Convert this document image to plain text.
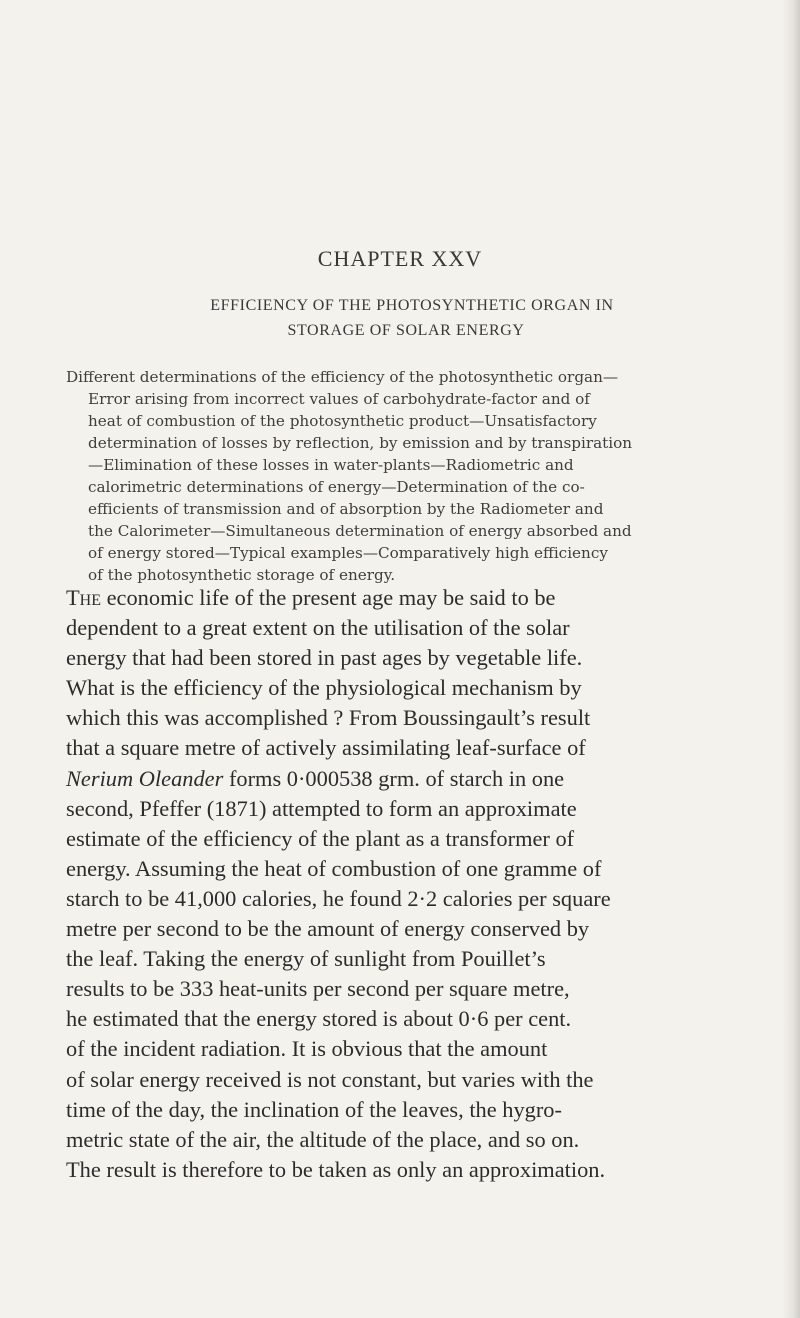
CHAPTER XXV
EFFICIENCY OF THE PHOTOSYNTHETIC ORGAN IN
STORAGE OF SOLAR ENERGY
Different determinations of the efficiency of the photosynthetic organ—
Error arising from incorrect values of carbohydrate-factor and of
heat of combustion of the photosynthetic product—Unsatisfactory
determination of losses by reflection, by emission and by transpiration
—Elimination of these losses in water-plants—Radiometric and
calorimetric determinations of energy—Determination of the co-
efficients of transmission and of absorption by the Radiometer and
the Calorimeter—Simultaneous determination of energy absorbed and
of energy stored—Typical examples—Comparatively high efficiency
of the photosynthetic storage of energy.
The economic life of the present age may be said to be
dependent to a great extent on the utilisation of the solar
energy that had been stored in past ages by vegetable life.
What is the efficiency of the physiological mechanism by
which this was accomplished ? From Boussingault’s result
that a square metre of actively assimilating leaf-surface of
Nerium Oleander forms 0·000538 grm. of starch in one
second, Pfeffer (1871) attempted to form an approximate
estimate of the efficiency of the plant as a transformer of
energy. Assuming the heat of combustion of one gramme of
starch to be 41,000 calories, he found 2·2 calories per square
metre per second to be the amount of energy conserved by
the leaf. Taking the energy of sunlight from Pouillet’s
results to be 333 heat-units per second per square metre,
he estimated that the energy stored is about 0·6 per cent.
of the incident radiation. It is obvious that the amount
of solar energy received is not constant, but varies with the
time of the day, the inclination of the leaves, the hygro-
metric state of the air, the altitude of the place, and so on.
The result is therefore to be taken as only an approximation.
